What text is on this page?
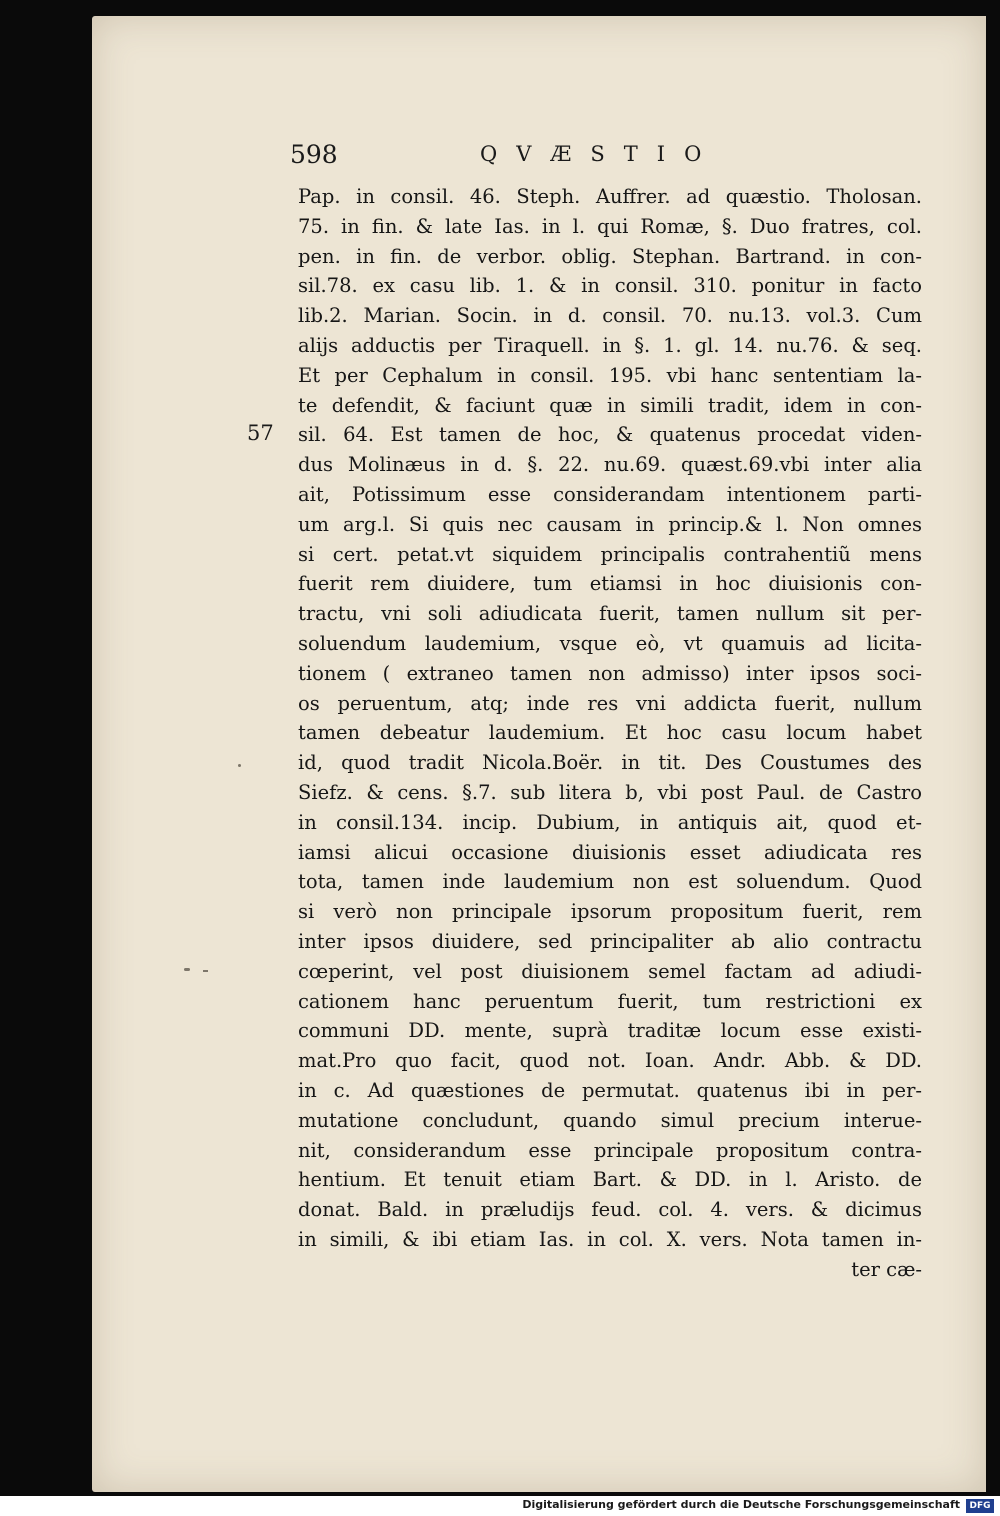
598	QVÆSTIO
57
Pap. in consil. 46. Steph. Auffrer. ad quæstio. Tholosan.
75. in fin. & late Ias. in l. qui Romæ, §. Duo fratres, col.
pen. in fin. de verbor. oblig. Stephan. Bartrand. in con-
sil.78. ex casu lib. 1. & in consil. 310. ponitur in facto
lib.2. Marian. Socin. in d. consil. 70. nu.13. vol.3. Cum
alijs adductis per Tiraquell. in §. 1. gl. 14. nu.76. & seq.
Et per Cephalum in consil. 195. vbi hanc sententiam la-
te defendit, & faciunt quæ in simili tradit, idem in con-
sil. 64. Est tamen de hoc, & quatenus procedat viden-
dus Molinæus in d. §. 22. nu.69. quæst.69.vbi inter alia
ait, Potissimum esse considerandam intentionem parti-
um arg.l. Si quis nec causam in princip.& l. Non omnes
si cert. petat.vt siquidem principalis contrahentiũ mens
fuerit rem diuidere, tum etiamsi in hoc diuisionis con-
tractu, vni soli adiudicata fuerit, tamen nullum sit per-
soluendum laudemium, vsque eò, vt quamuis ad licita-
tionem ( extraneo tamen non admisso) inter ipsos soci-
os peruentum, atq; inde res vni addicta fuerit, nullum
tamen debeatur laudemium. Et hoc casu locum habet
id, quod tradit Nicola.Boër. in tit. Des Coustumes des
Siefz. & cens. §.7. sub litera b, vbi post Paul. de Castro
in consil.134. incip. Dubium, in antiquis ait, quod et-
iamsi alicui occasione diuisionis esset adiudicata res
tota, tamen inde laudemium non est soluendum. Quod
si verò non principale ipsorum propositum fuerit, rem
inter ipsos diuidere, sed principaliter ab alio contractu
cœperint, vel post diuisionem semel factam ad adiudi-
cationem hanc peruentum fuerit, tum restrictioni ex
communi DD. mente, suprà traditæ locum esse existi-
mat.Pro quo facit, quod not. Ioan. Andr. Abb. & DD.
in c. Ad quæstiones de permutat. quatenus ibi in per-
mutatione concludunt, quando simul precium interue-
nit, considerandum esse principale propositum contra-
hentium. Et tenuit etiam Bart. & DD. in l. Aristo. de
donat. Bald. in præludijs feud. col. 4. vers. & dicimus
in simili, & ibi etiam Ias. in col. X. vers. Nota tamen in-
ter cæ-
Digitalisierung gefördert durch die Deutsche Forschungsgemeinschaft	DFG
